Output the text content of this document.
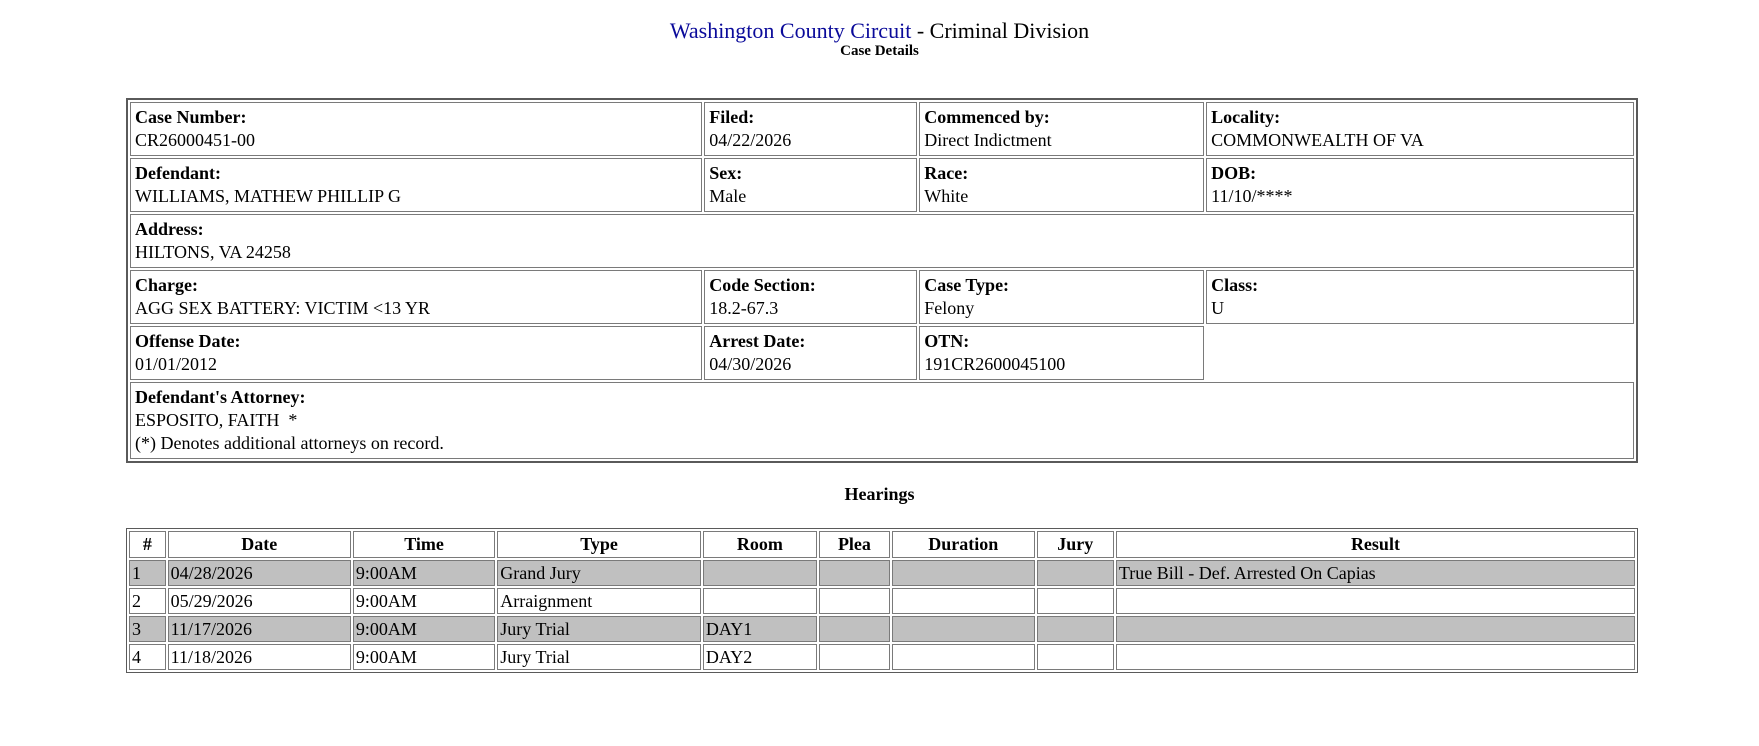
Washington County Circuit - Criminal Division
Case Details
Case Number:
CR26000451-00	Filed:
04/22/2026	Commenced by:
Direct Indictment	Locality:
COMMONWEALTH OF VA

Defendant:
WILLIAMS, MATHEW PHILLIP G	Sex:
Male	Race:
White	DOB:
11/10/****

Address:
HILTONS, VA 24258			

Charge:
AGG SEX BATTERY: VICTIM <13 YR	Code Section:
18.2-67.3	Case Type:
Felony	Class:
U

Offense Date:
01/01/2012	Arrest Date:
04/30/2026	OTN:
191CR2600045100	

Defendant's Attorney:
ESPOSITO, FAITH  *
(*) Denotes additional attorneys on record.			
Hearings
#	Date	Time	Type	Room	Plea	Duration	Jury	Result
1	04/28/2026	9:00AM	Grand Jury					True Bill - Def. Arrested On Capias
2	05/29/2026	9:00AM	Arraignment					
3	11/17/2026	9:00AM	Jury Trial	DAY1				
4	11/18/2026	9:00AM	Jury Trial	DAY2				
